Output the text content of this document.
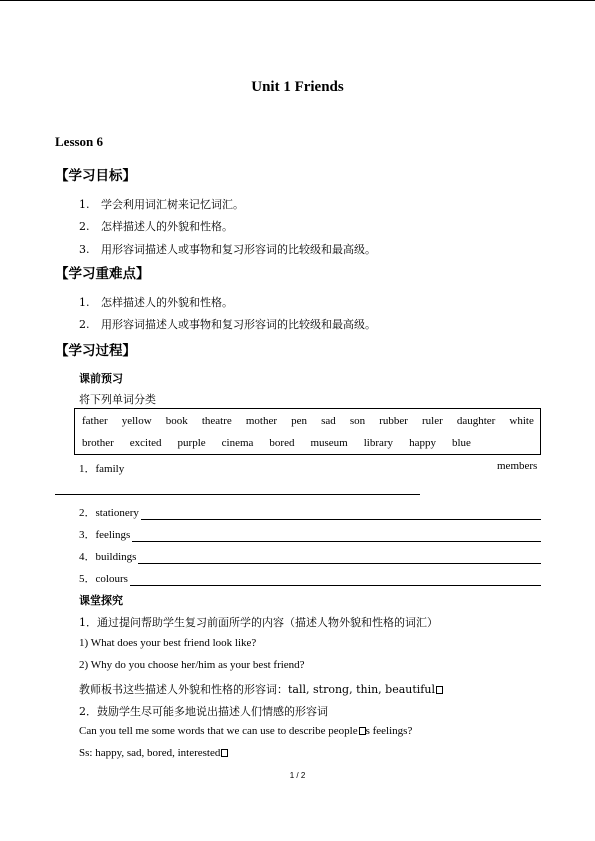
Unit 1 Friends
Lesson 6
【学习目标】
1. 学会利用词汇树来记忆词汇。
2. 怎样描述人的外貌和性格。
3. 用形容词描述人或事物和复习形容词的比较级和最高级。
【学习重难点】
1. 怎样描述人的外貌和性格。
2. 用形容词描述人或事物和复习形容词的比较级和最高级。
【学习过程】
课前预习
将下列单词分类
father yellow book theatre mother pen sad son rubber ruler daughter white
brother excited purple cinema bored museum library happy blue
1．family	members
2．stationery
3．feelings
4．buildings
5．colours
课堂探究
1．通过提问帮助学生复习前面所学的内容（描述人物外貌和性格的词汇）
1) What does your best friend look like?
2) Why do you choose her/him as your best friend?
教师板书这些描述人外貌和性格的形容词：tall, strong, thin, beautiful
2．鼓励学生尽可能多地说出描述人们情感的形容词
Can you tell me some words that we can use to describe people s feelings?
Ss: happy, sad, bored, interested
1 / 2
